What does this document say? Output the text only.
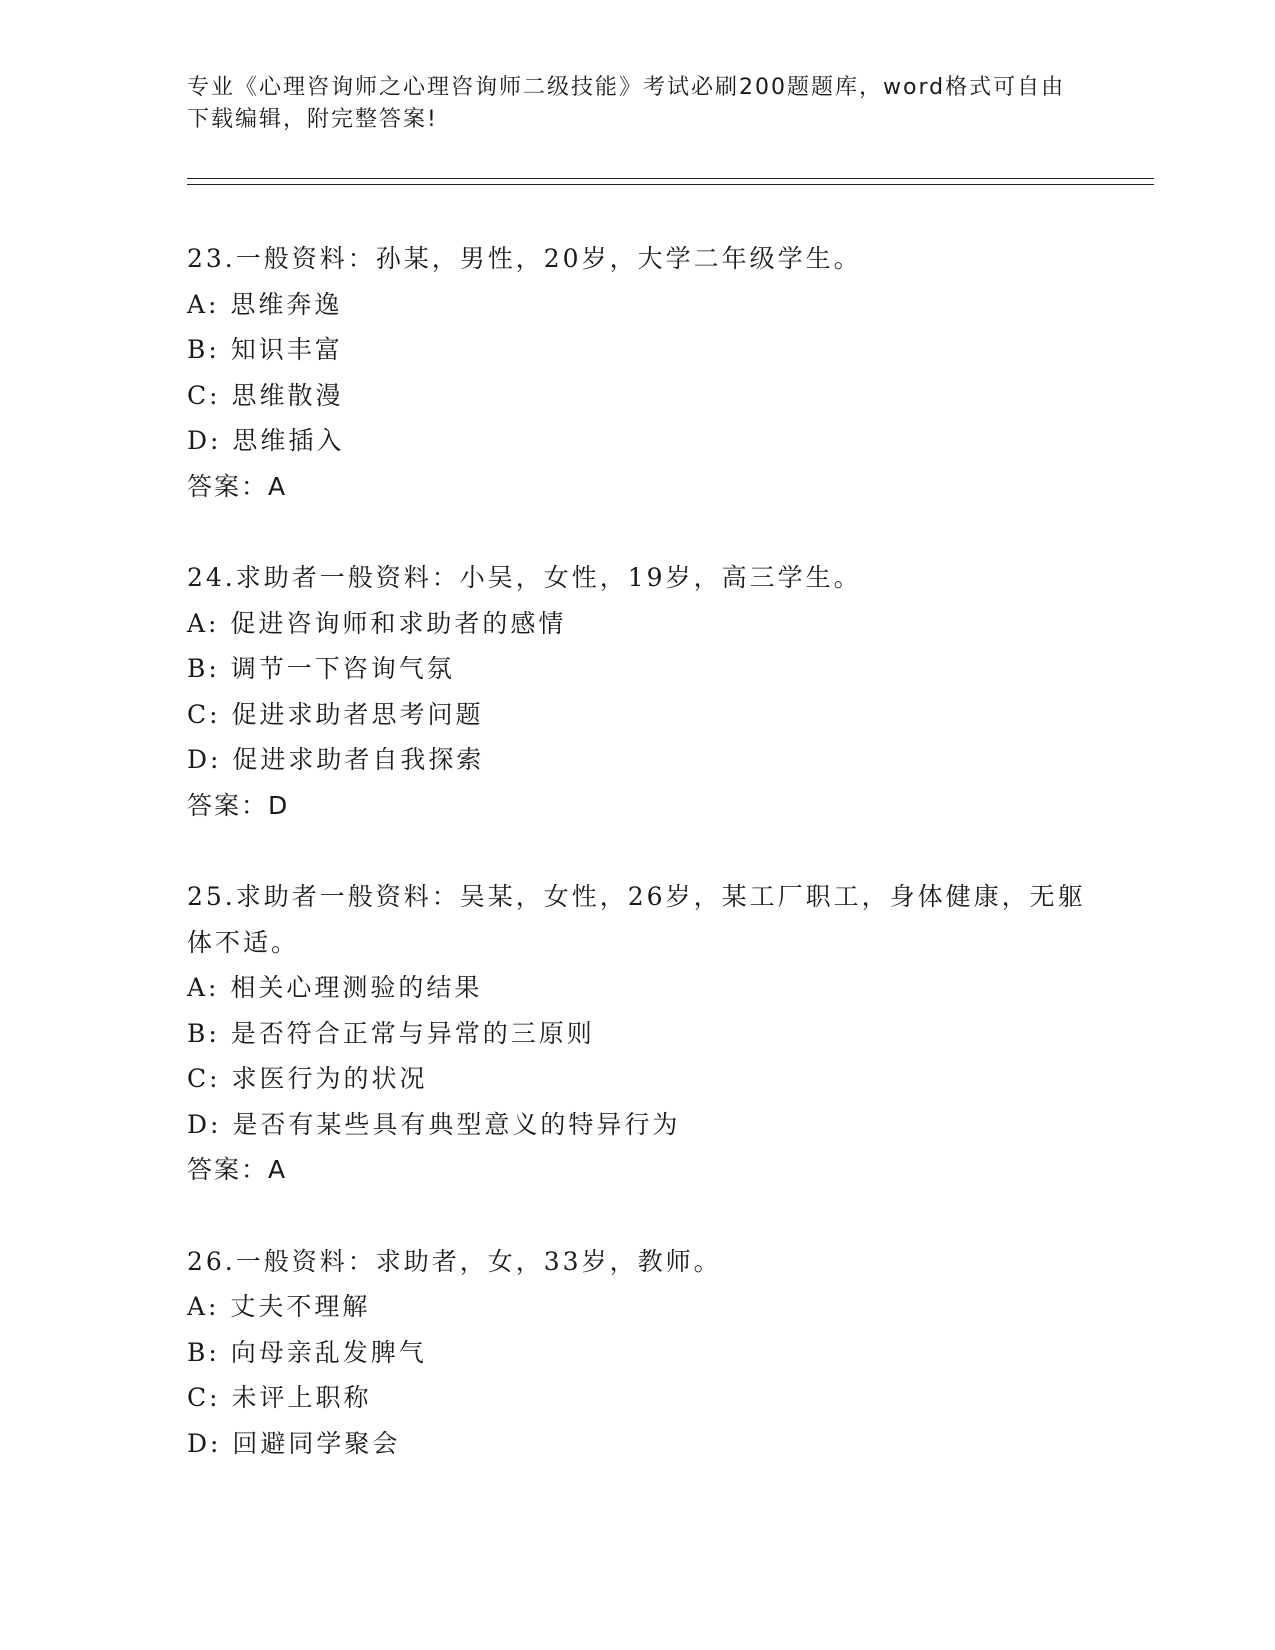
专业《心理咨询师之心理咨询师二级技能》考试必刷200题题库，word格式可自由下载编辑，附完整答案!
23.一般资料：孙某，男性，20岁，大学二年级学生。
A: 思维奔逸
B: 知识丰富
C: 思维散漫
D: 思维插入
答案：A
24.求助者一般资料：小吴，女性，19岁，高三学生。
A: 促进咨询师和求助者的感情
B: 调节一下咨询气氛
C: 促进求助者思考问题
D: 促进求助者自我探索
答案：D
25.求助者一般资料：吴某，女性，26岁，某工厂职工，身体健康，无躯体不适。
A: 相关心理测验的结果
B: 是否符合正常与异常的三原则
C: 求医行为的状况
D: 是否有某些具有典型意义的特异行为
答案：A
26.一般资料：求助者，女，33岁，教师。
A: 丈夫不理解
B: 向母亲乱发脾气
C: 未评上职称
D: 回避同学聚会
